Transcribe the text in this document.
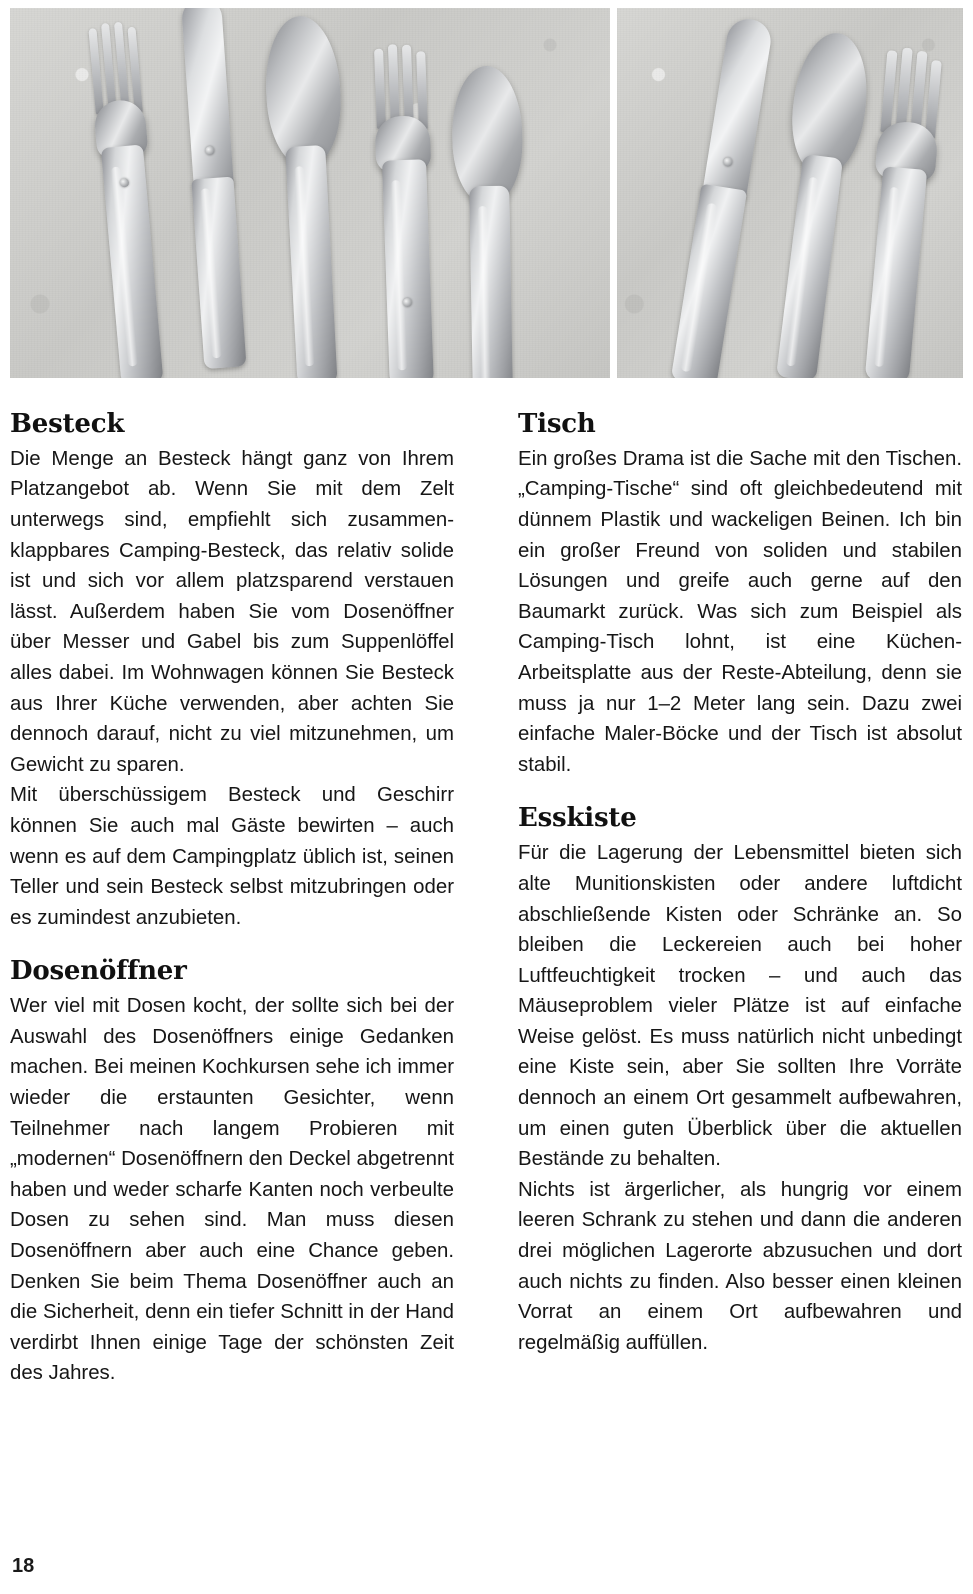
Besteck

Die Menge an Besteck hängt ganz von Ihrem Platzangebot ab. Wenn Sie mit dem Zelt unterwegs sind, empfiehlt sich zusammenklappbares Camping-Besteck, das relativ solide ist und sich vor allem platzsparend verstauen lässt. Außerdem haben Sie vom Dosenöffner über Messer und Gabel bis zum Suppenlöffel alles dabei. Im Wohnwagen können Sie Besteck aus Ihrer Küche verwenden, aber achten Sie dennoch darauf, nicht zu viel mitzunehmen, um Gewicht zu sparen.

Mit überschüssigem Besteck und Geschirr können Sie auch mal Gäste bewirten – auch wenn es auf dem Campingplatz üblich ist, seinen Teller und sein Besteck selbst mitzubringen oder es zumindest anzubieten.

Dosenöffner

Wer viel mit Dosen kocht, der sollte sich bei der Auswahl des Dosenöffners einige Gedanken machen. Bei meinen Kochkursen sehe ich immer wieder die erstaunten Gesichter, wenn Teilnehmer nach langem Probieren mit „modernen“ Dosenöffnern den Deckel abgetrennt haben und weder scharfe Kanten noch verbeulte Dosen zu sehen sind. Man muss diesen Dosenöffnern aber auch eine Chance geben. Denken Sie beim Thema Dosenöffner auch an die Sicherheit, denn ein tiefer Schnitt in der Hand verdirbt Ihnen einige Tage der schönsten Zeit des Jahres.

Tisch

Ein großes Drama ist die Sache mit den Tischen. „Camping-Tische“ sind oft gleichbedeutend mit dünnem Plastik und wackeligen Beinen. Ich bin ein großer Freund von soliden und stabilen Lösungen und greife auch gerne auf den Baumarkt zurück. Was sich zum Beispiel als Camping-Tisch lohnt, ist eine Küchen-Arbeitsplatte aus der Reste-Abteilung, denn sie muss ja nur 1–2 Meter lang sein. Dazu zwei einfache Maler-Böcke und der Tisch ist absolut stabil.

Esskiste

Für die Lagerung der Lebensmittel bieten sich alte Munitionskisten oder andere luftdicht abschließende Kisten oder Schränke an. So bleiben die Leckereien auch bei hoher Luftfeuchtigkeit trocken – und auch das Mäuseproblem vieler Plätze ist auf einfache Weise gelöst. Es muss natürlich nicht unbedingt eine Kiste sein, aber Sie sollten Ihre Vorräte dennoch an einem Ort gesammelt aufbewahren, um einen guten Überblick über die aktuellen Bestände zu behalten.

Nichts ist ärgerlicher, als hungrig vor einem leeren Schrank zu stehen und dann die anderen drei möglichen Lagerorte abzusuchen und dort auch nichts zu finden. Also besser einen kleinen Vorrat an einem Ort aufbewahren und regelmäßig auffüllen.

18
